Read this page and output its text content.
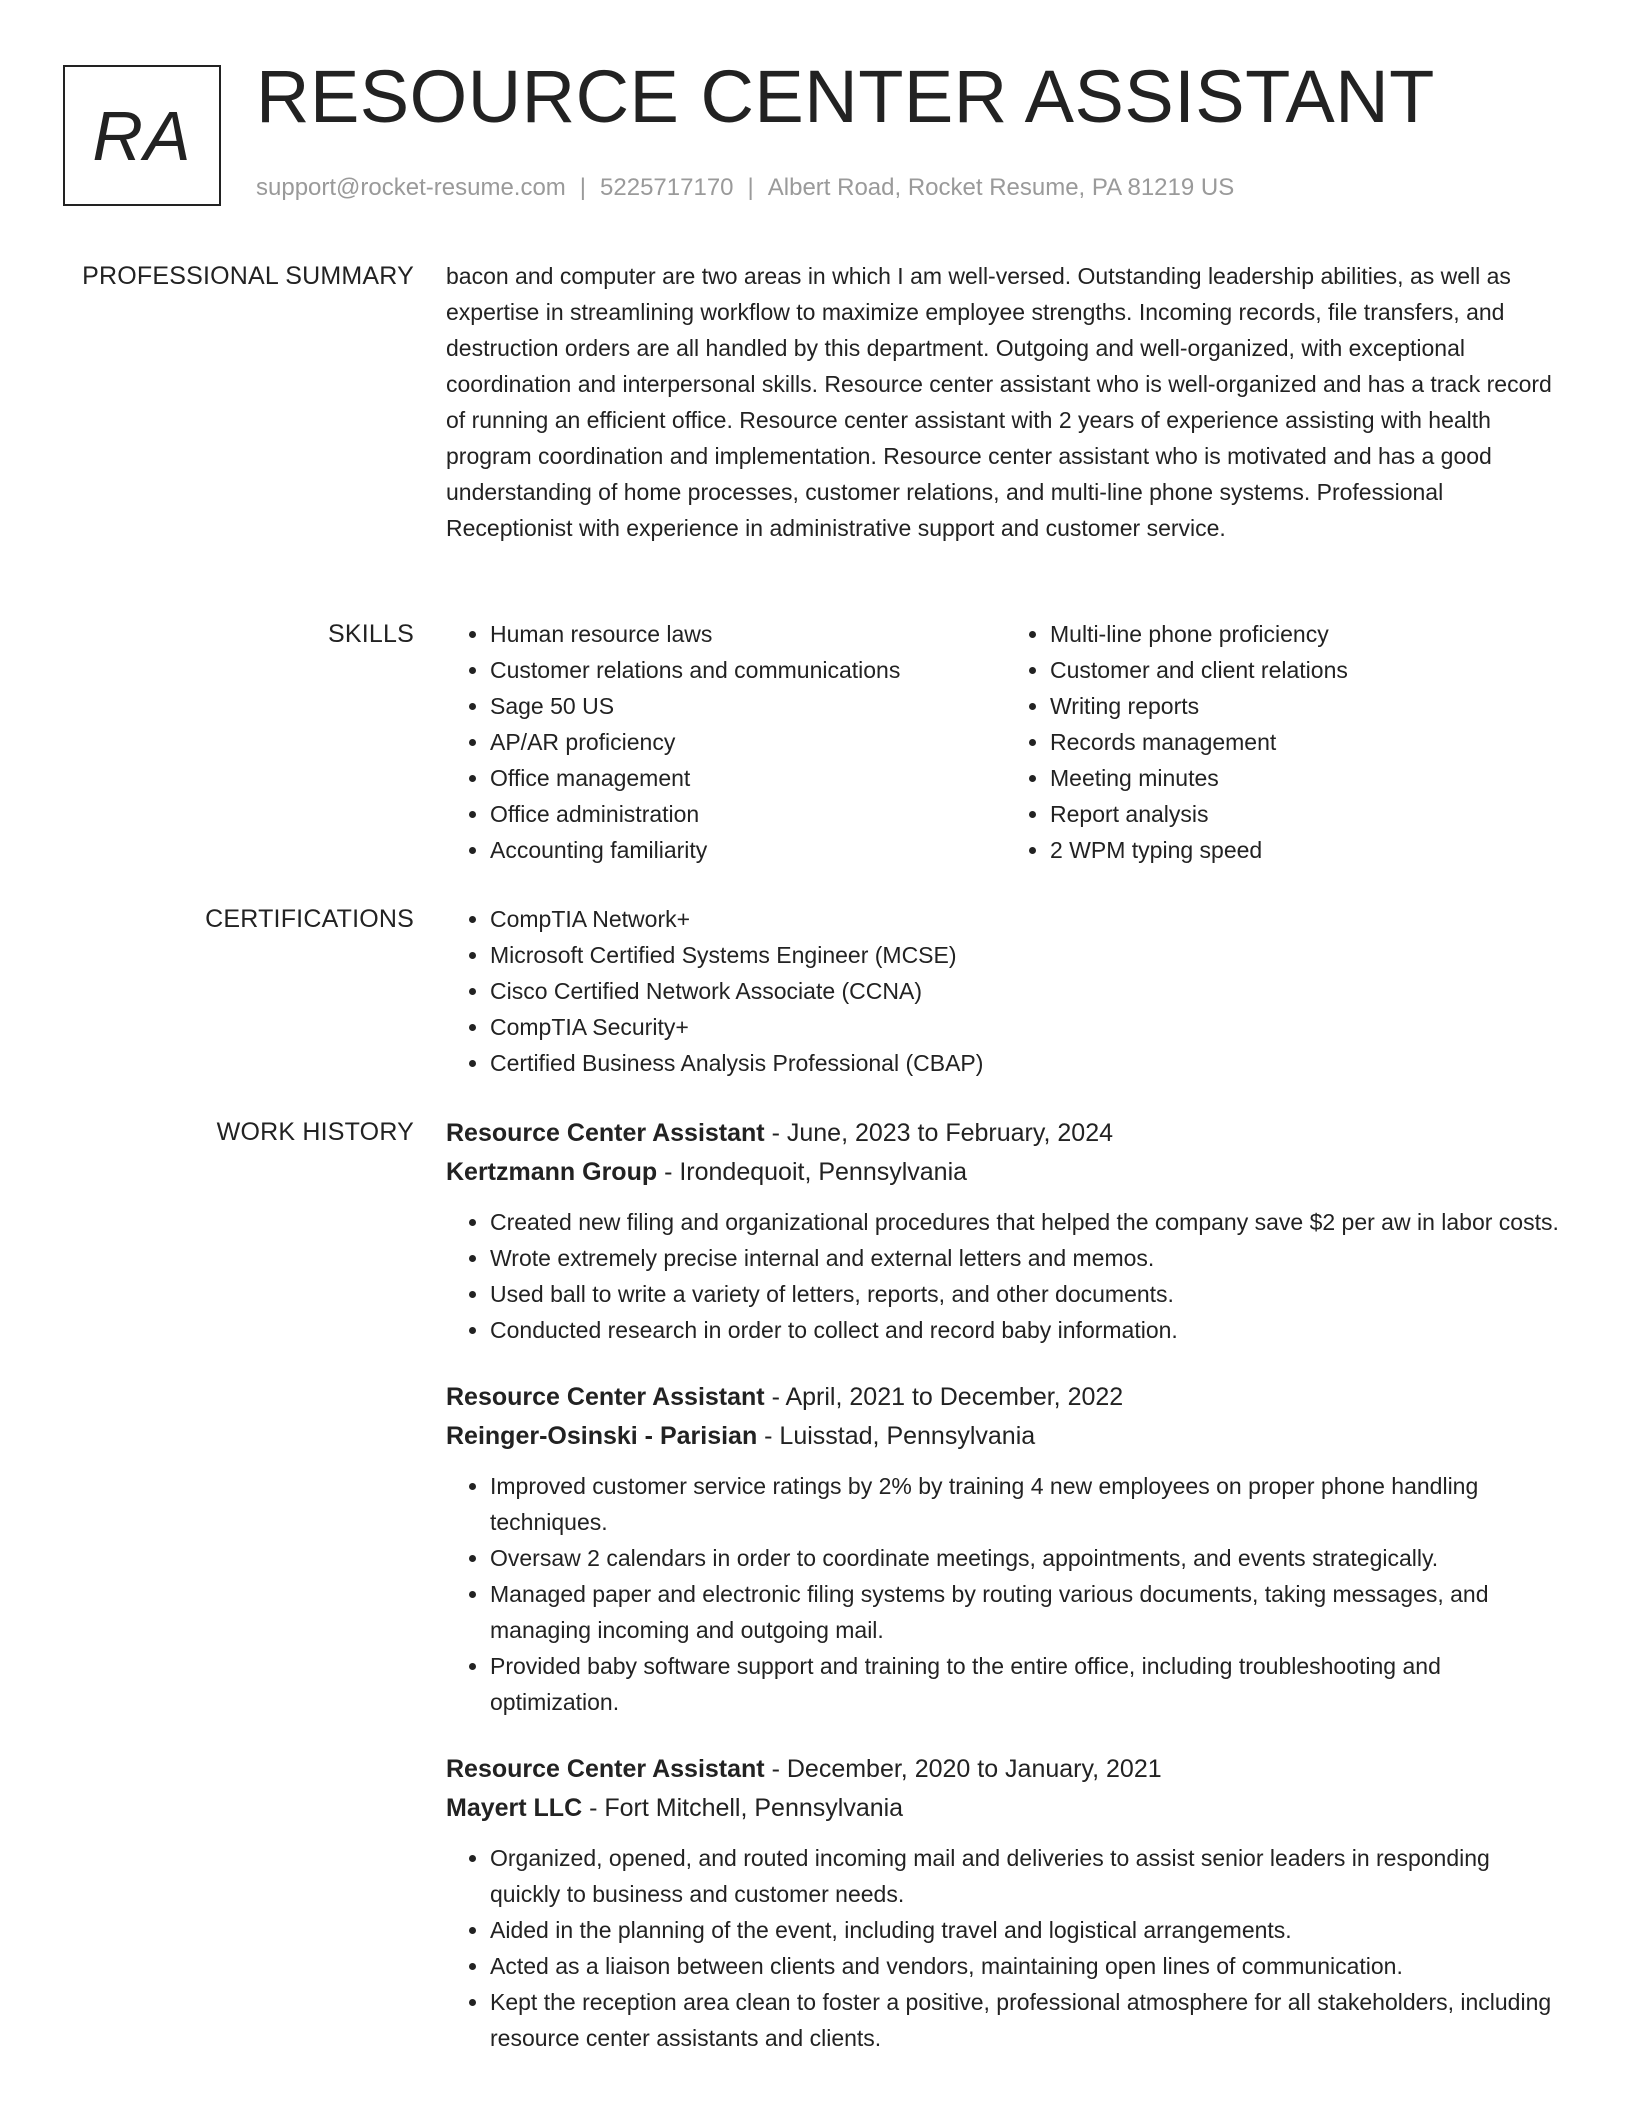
RA RESOURCE CENTER ASSISTANT
support@rocket-resume.com | 5225717170 | Albert Road, Rocket Resume, PA 81219 US
PROFESSIONAL SUMMARY bacon and computer are two areas in which I am well-versed. Outstanding leadership abilities, as well as expertise in streamlining workflow to maximize employee strengths. Incoming records, file transfers, and destruction orders are all handled by this department. Outgoing and well-organized, with exceptional coordination and interpersonal skills. Resource center assistant who is well-organized and has a track record of running an efficient office. Resource center assistant with 2 years of experience assisting with health program coordination and implementation. Resource center assistant who is motivated and has a good understanding of home processes, customer relations, and multi-line phone systems. Professional Receptionist with experience in administrative support and customer service.

SKILLS	• Human resource laws
• Customer relations and communications
• Sage 50 US
• AP/AR proficiency
• Office management
• Office administration
• Accounting familiarity
• Multi-line phone proficiency
• Customer and client relations
• Writing reports
• Records management
• Meeting minutes
• Report analysis
• 2 WPM typing speed
CERTIFICATIONS	• CompTIA Network+
• Microsoft Certified Systems Engineer (MCSE)
• Cisco Certified Network Associate (CCNA)
• CompTIA Security+
• Certified Business Analysis Professional (CBAP)
WORK HISTORY Resource Center Assistant - June, 2023 to February, 2024
Kertzmann Group - Irondequoit, Pennsylvania
• Created new filing and organizational procedures that helped the company save $2 per aw in labor costs.
• Wrote extremely precise internal and external letters and memos.
• Used ball to write a variety of letters, reports, and other documents.
• Conducted research in order to collect and record baby information.
Resource Center Assistant - April, 2021 to December, 2022
Reinger-Osinski - Parisian - Luisstad, Pennsylvania
• Improved customer service ratings by 2% by training 4 new employees on proper phone handling techniques.
• Oversaw 2 calendars in order to coordinate meetings, appointments, and events strategically.
• Managed paper and electronic filing systems by routing various documents, taking messages, and managing incoming and outgoing mail.
• Provided baby software support and training to the entire office, including troubleshooting and optimization.
Resource Center Assistant - December, 2020 to January, 2021
Mayert LLC - Fort Mitchell, Pennsylvania
• Organized, opened, and routed incoming mail and deliveries to assist senior leaders in responding quickly to business and customer needs.
• Aided in the planning of the event, including travel and logistical arrangements.
• Acted as a liaison between clients and vendors, maintaining open lines of communication.
• Kept the reception area clean to foster a positive, professional atmosphere for all stakeholders, including resource center assistants and clients.
